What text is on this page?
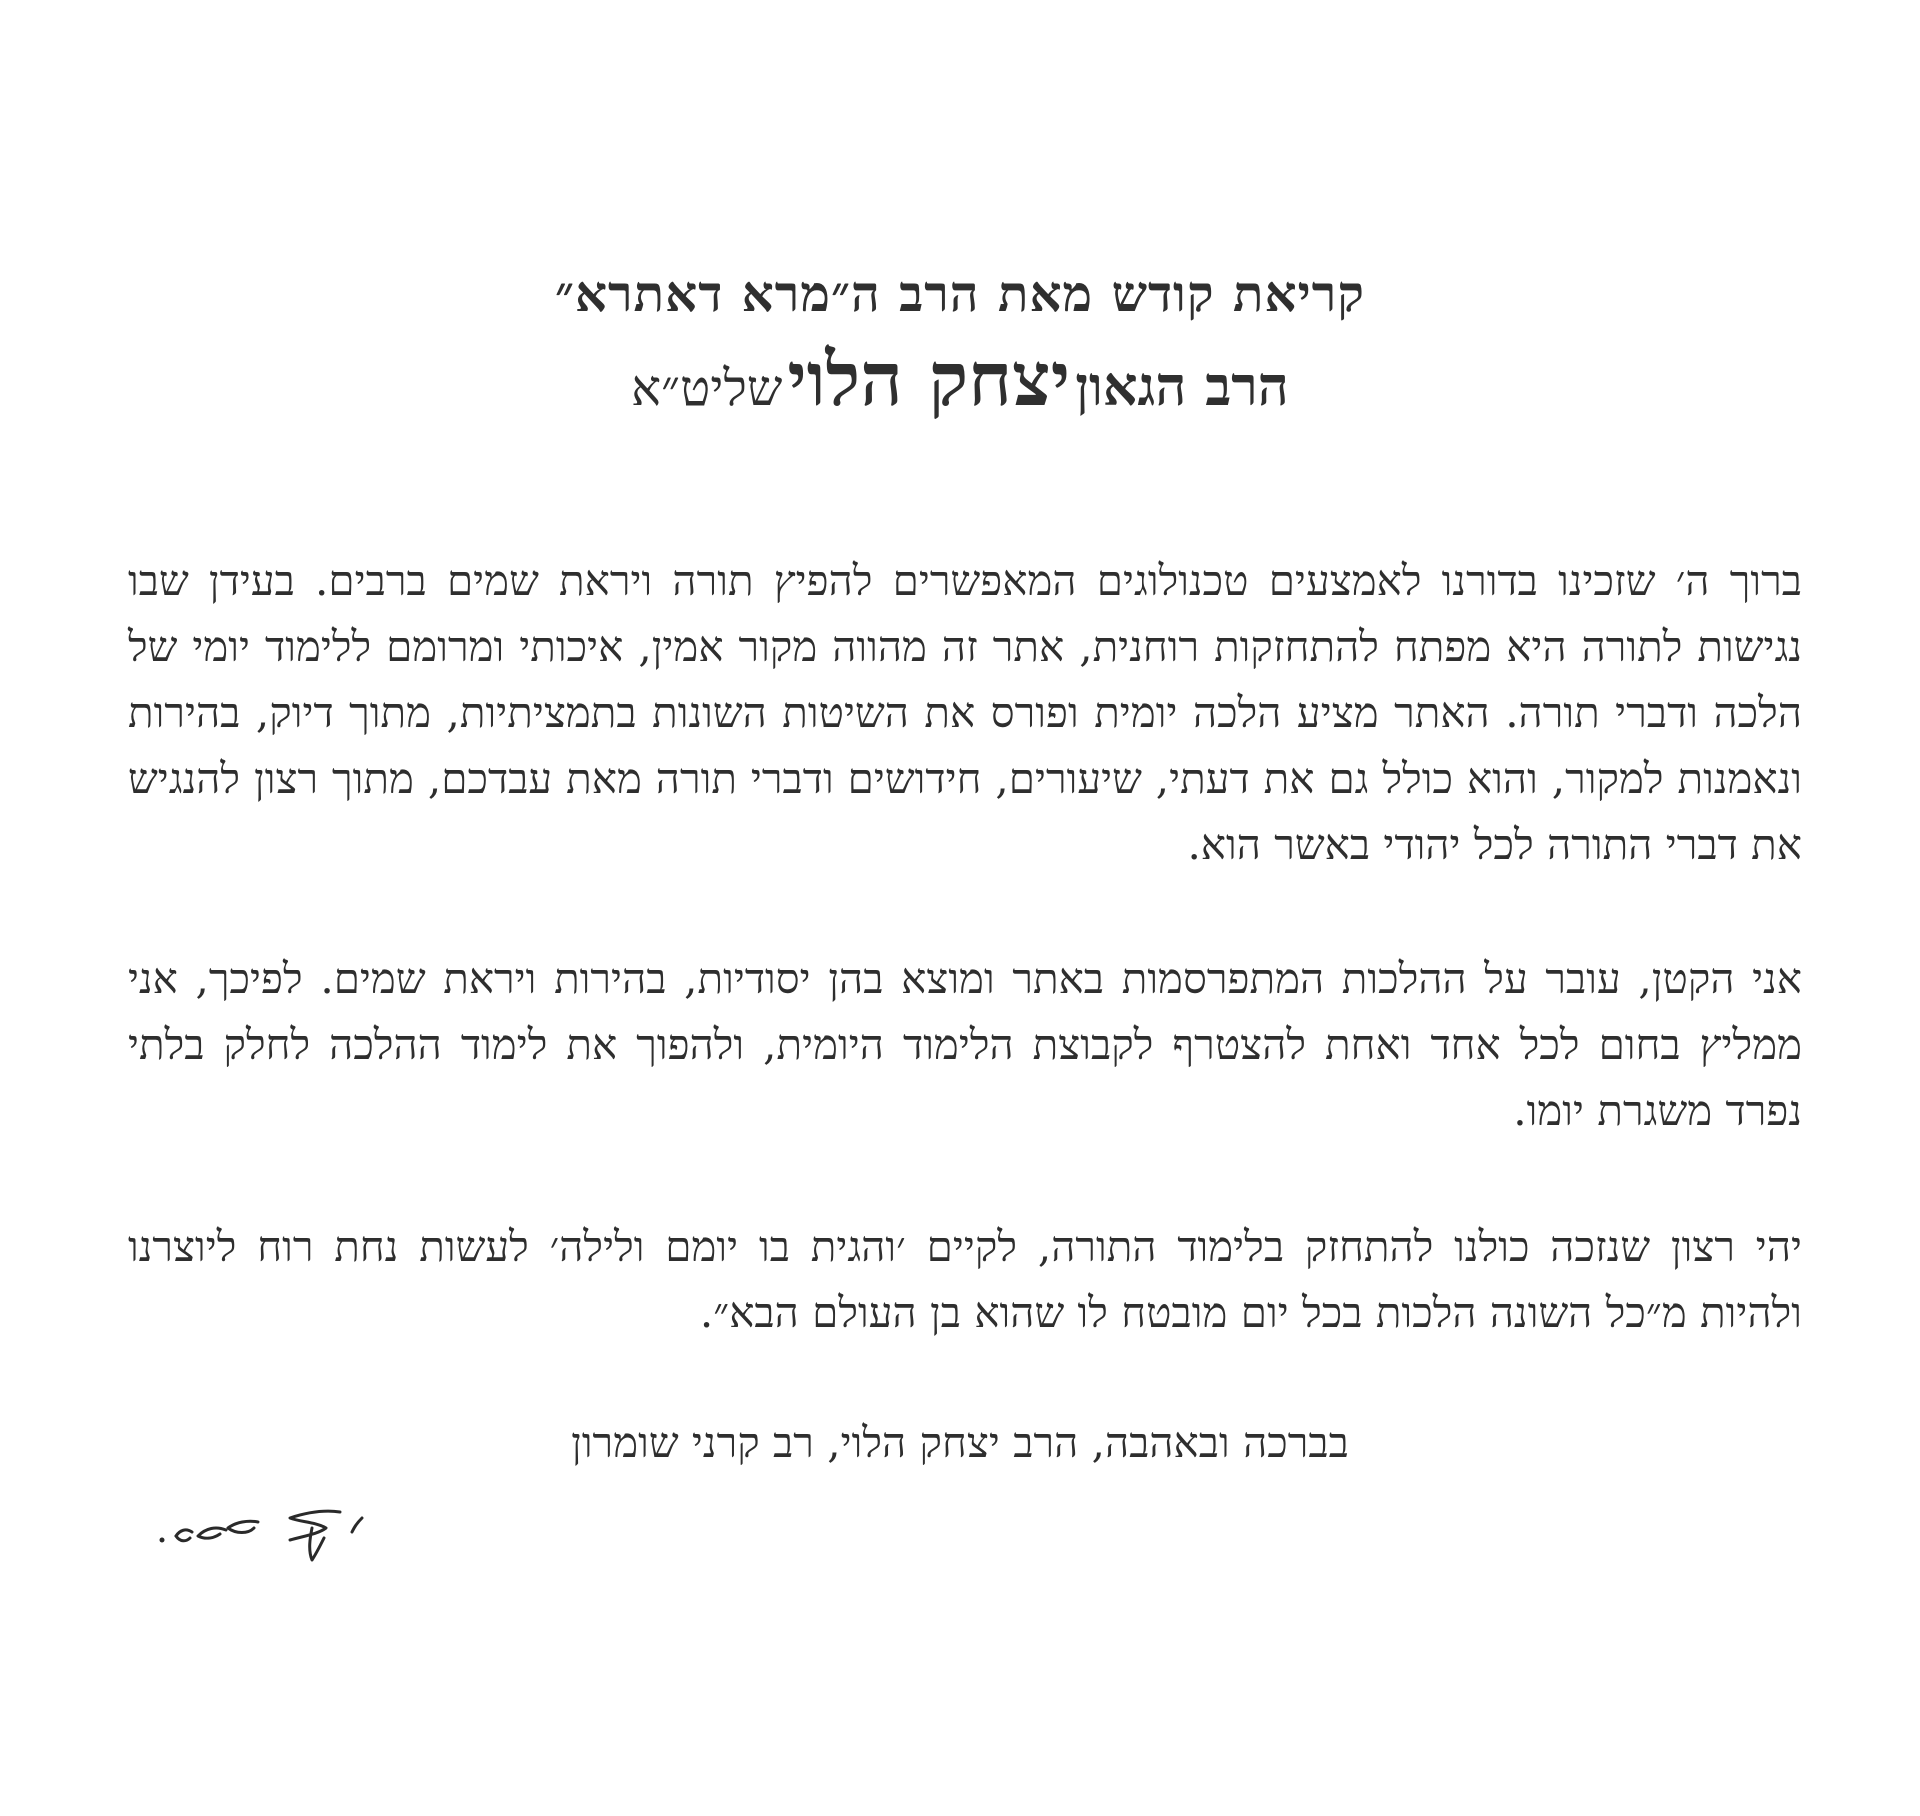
קריאת קודש מאת הרב ה״מרא דאתרא״
הרב הגאון יצחק הלוי שליט״א

ברוך ה׳ שזכינו בדורנו לאמצעים טכנולוגים המאפשרים להפיץ תורה ויראת שמים ברבים. בעידן שבו נגישות לתורה היא מפתח להתחזקות רוחנית, אתר זה מהווה מקור אמין, איכותי ומרומם ללימוד יומי של הלכה ודברי תורה. האתר מציע הלכה יומית ופורס את השיטות השונות בתמציתיות, מתוך דיוק, בהירות ונאמנות למקור, והוא כולל גם את דעתי, שיעורים, חידושים ודברי תורה מאת עבדכם, מתוך רצון להנגיש את דברי התורה לכל יהודי באשר הוא.

אני הקטן, עובר על ההלכות המתפרסמות באתר ומוצא בהן יסודיות, בהירות ויראת שמים. לפיכך, אני ממליץ בחום לכל אחד ואחת להצטרף לקבוצת הלימוד היומית, ולהפוך את לימוד ההלכה לחלק בלתי נפרד משגרת יומו.

יהי רצון שנזכה כולנו להתחזק בלימוד התורה, לקיים ׳והגית בו יומם ולילה׳ לעשות נחת רוח ליוצרנו ולהיות מ״כל השונה הלכות בכל יום מובטח לו שהוא בן העולם הבא״.

בברכה ובאהבה, הרב יצחק הלוי, רב קרני שומרון
